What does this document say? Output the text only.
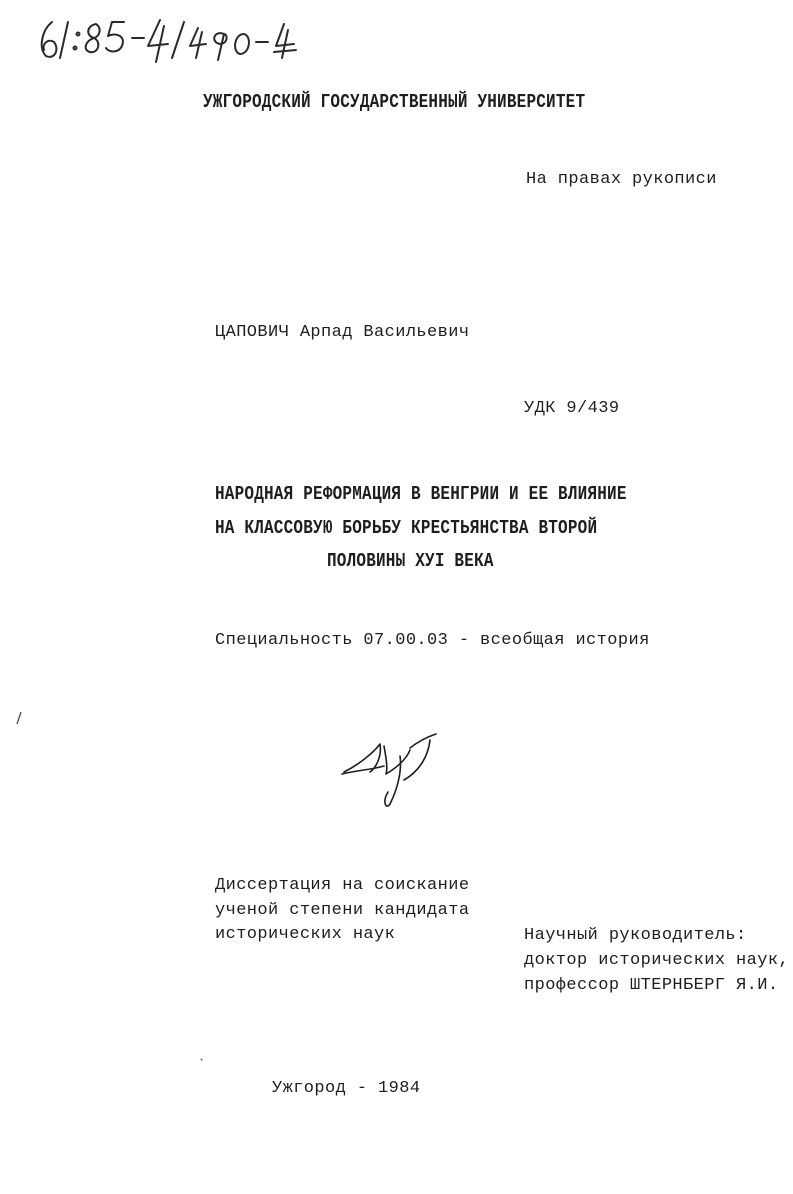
УЖГОРОДСКИЙ ГОСУДАРСТВЕННЫЙ УНИВЕРСИТЕТ
На правах рукописи
ЦАПОВИЧ Арпад Васильевич
УДК 9/439
НАРОДНАЯ РЕФОРМАЦИЯ В ВЕНГРИИ И ЕЕ ВЛИЯНИЕ
НА КЛАССОВУЮ БОРЬБУ КРЕСТЬЯНСТВА ВТОРОЙ
ПОЛОВИНЫ ХУI ВЕКА
Специальность 07.00.03 - всеобщая история
Диссертация на соискание
ученой степени кандидата
исторических наук	Научный руководитель:
доктор исторических наук,
профессор ШТЕРНБЕРГ Я.И.
Ужгород - 1984
